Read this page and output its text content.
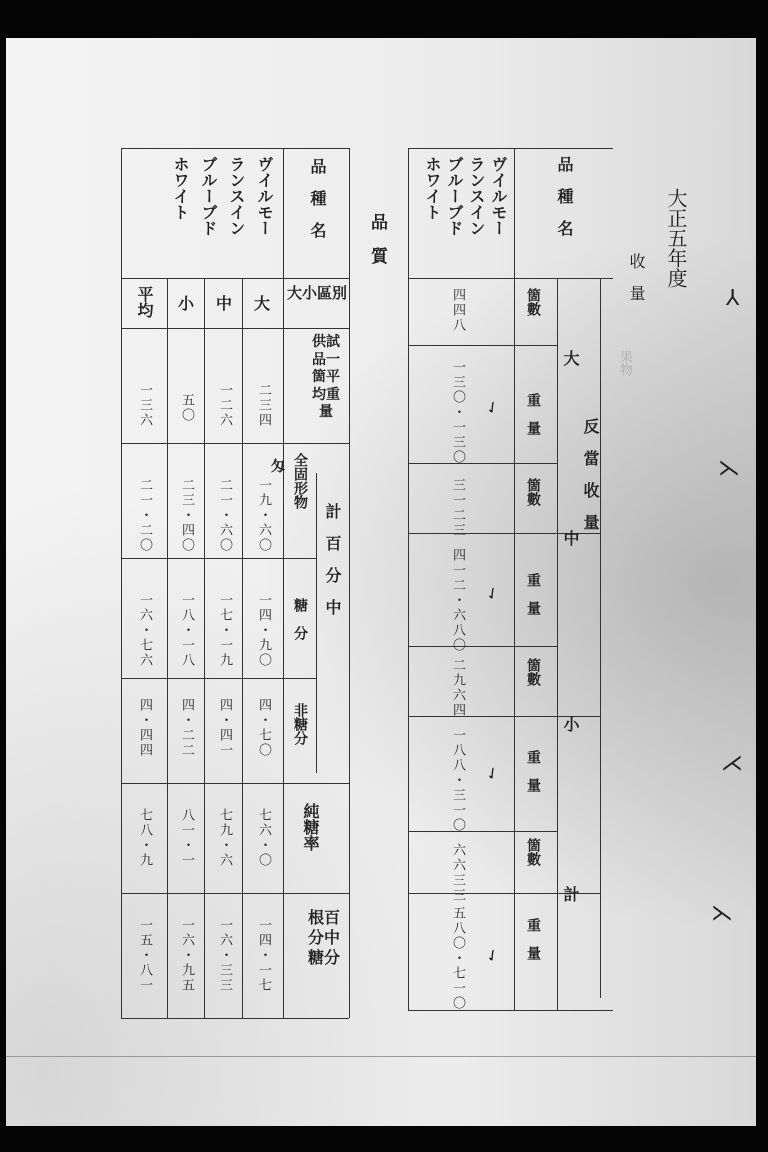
大正五年度
收　量
果物
品　種　名
反　當　收　量
大
中
小
計
箇數
重　量
箇數
重　量
箇數
重　量
箇數
重　量
ヴイルモー
ランスイン
ブルーブド
ホワイト
四四八
一三〇・一三〇
三一二三
四一二・六八〇
二九六四
一八八・三一〇
六六三三
五八〇・七一〇
✓
✓
✓
✓
品　質
品　種　名
大小區別
供試品一箇平均重量
計　百　分　中
全固形物
糖　分
非糖分
純糖率
根百分中糖分
匁
ヴイルモー
ランスイン
ブルーブド
ホワイト
大
二三四
一九・六〇
一四・九〇
四・七〇
七六・〇
一四・一七
中
一二六
二一・六〇
一七・一九
四・四一
七九・六
一六・三三
小
五〇
二三・四〇
一八・一八
四・二二
八一・一
一六・九五
平均
一三六
二一・二〇
一六・七六
四・四四
七八・九
一五・八一
⅄
⋋
⋌
⋋
